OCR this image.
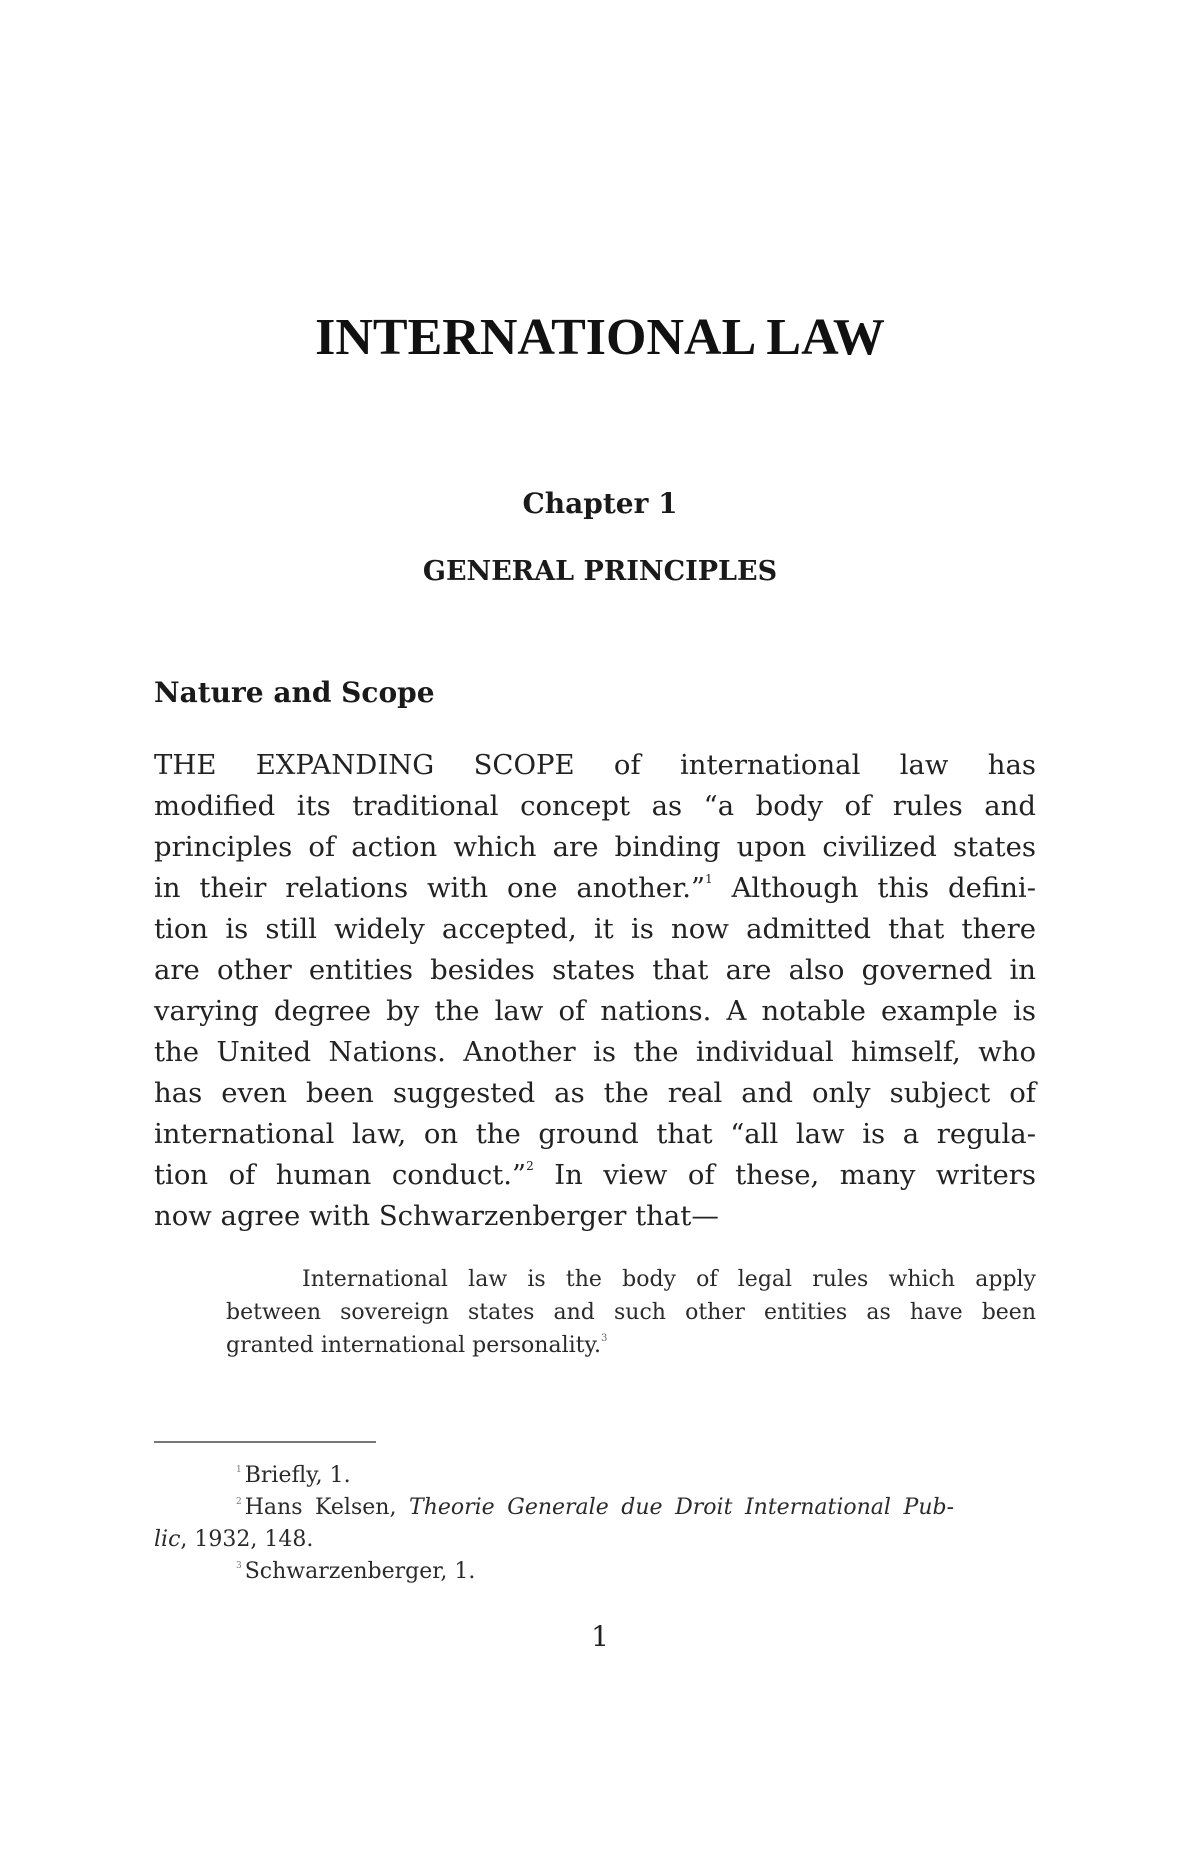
INTERNATIONAL LAW
Chapter 1
GENERAL PRINCIPLES
Nature and Scope
THE EXPANDING SCOPE of international law has
modified its traditional concept as “a body of rules and
principles of action which are binding upon civilized states
in their relations with one another.”$^1$ Although this defini-
tion is still widely accepted, it is now admitted that there
are other entities besides states that are also governed in
varying degree by the law of nations. A notable example is
the United Nations. Another is the individual himself, who
has even been suggested as the real and only subject of
international law, on the ground that “all law is a regula-
tion of human conduct.”$^2$ In view of these, many writers
now agree with Schwarzenberger that—
International law is the body of legal rules which apply
between sovereign states and such other entities as have been
granted international personality.$^3$
$^1$ Briefly, 1.
$^2$ Hans Kelsen, Theorie Generale due Droit International Pub-
lic, 1932, 148.
$^3$ Schwarzenberger, 1.
1
